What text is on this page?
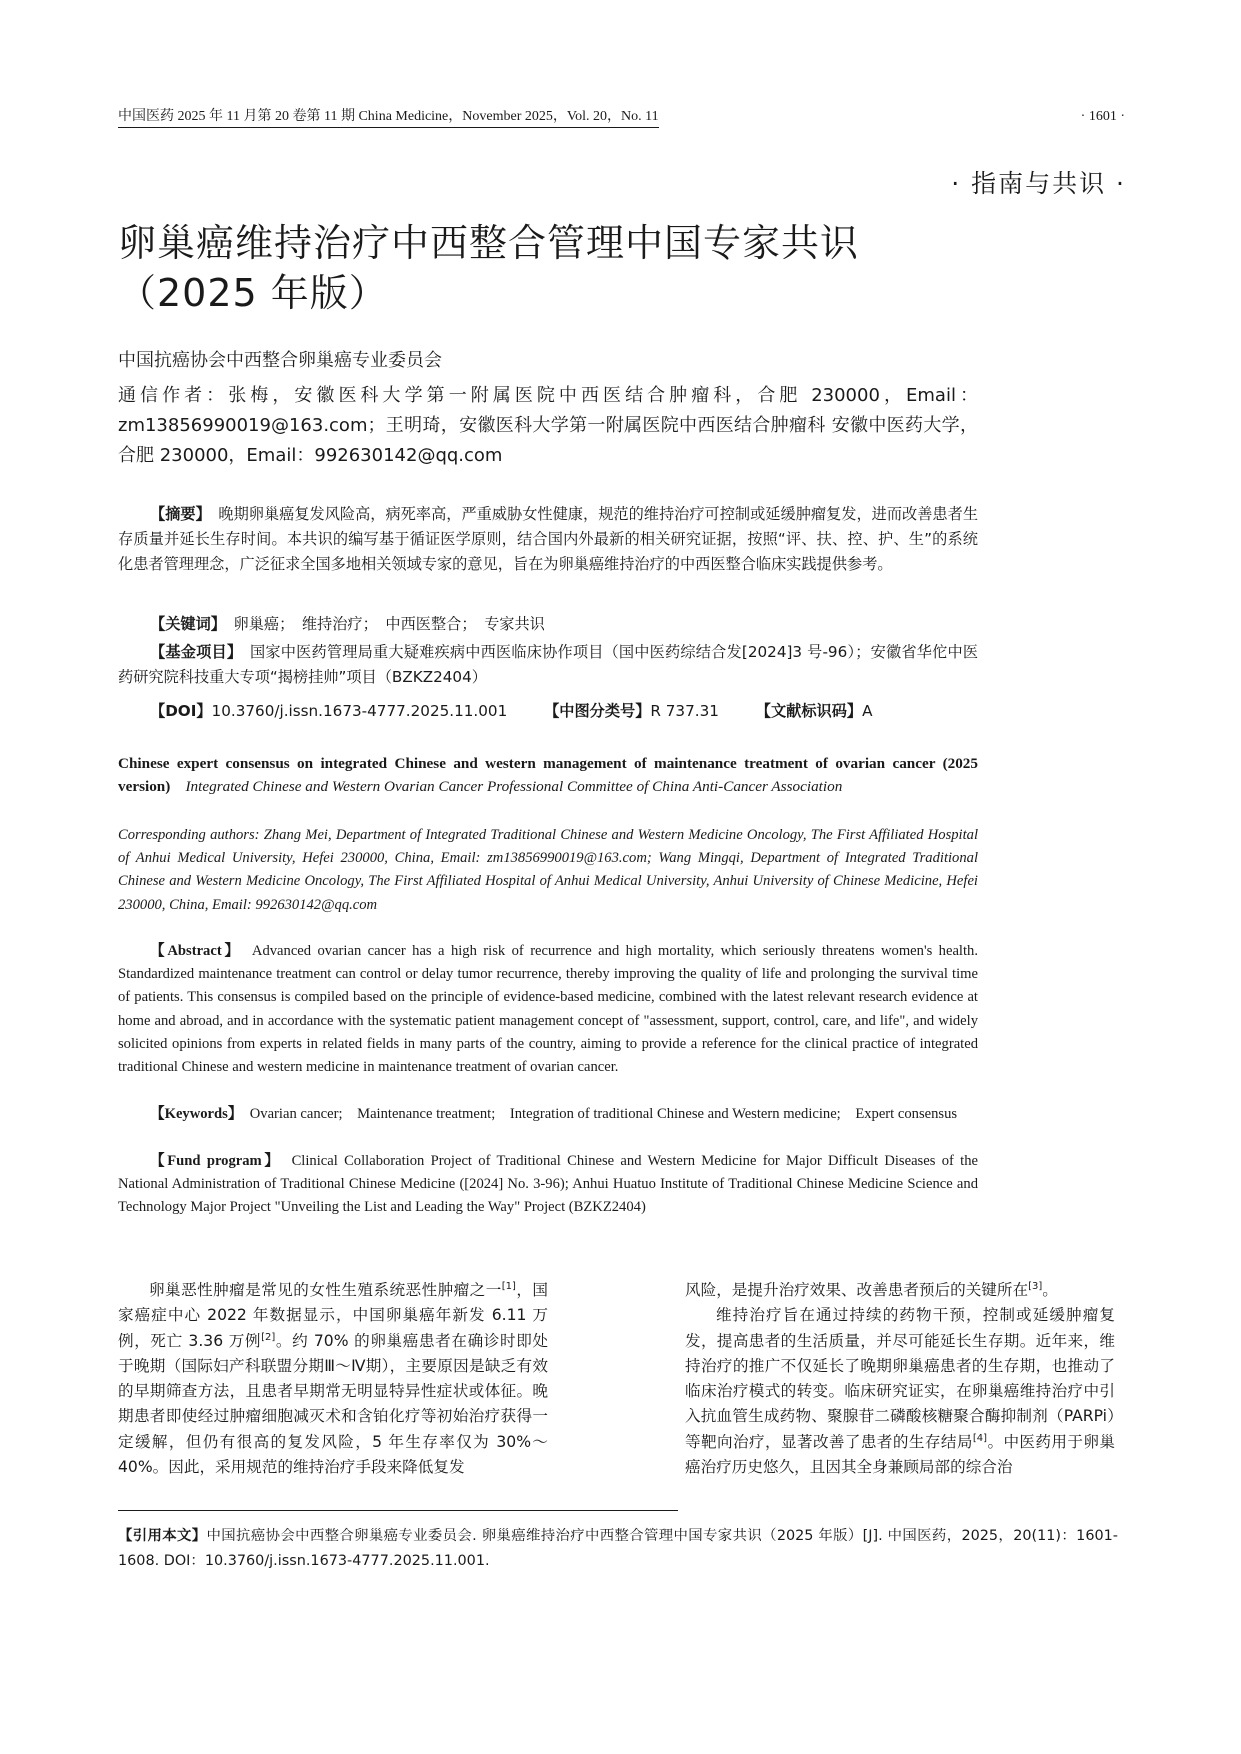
中国医药 2025 年 11 月第 20 卷第 11 期 China Medicine，November 2025，Vol. 20，No. 11	· 1601 ·
· 指南与共识 ·
卵巢癌维持治疗中西整合管理中国专家共识
（2025 年版）
中国抗癌协会中西整合卵巢癌专业委员会
通信作者：张梅，安徽医科大学第一附属医院中西医结合肿瘤科，合肥 230000，Email：zm13856990019@163.com；王明琦，安徽医科大学第一附属医院中西医结合肿瘤科 安徽中医药大学，合肥 230000，Email：992630142@qq.com
【摘要】　 晚期卵巢癌复发风险高，病死率高，严重威胁女性健康，规范的维持治疗可控制或延缓肿瘤复发，进而改善患者生存质量并延长生存时间。本共识的编写基于循证医学原则，结合国内外最新的相关研究证据，按照“评、扶、控、护、生”的系统化患者管理理念，广泛征求全国多地相关领域专家的意见，旨在为卵巢癌维持治疗的中西医整合临床实践提供参考。
【关键词】　 卵巢癌；　维持治疗；　中西医整合；　专家共识
【基金项目】　 国家中医药管理局重大疑难疾病中西医临床协作项目（国中医药综结合发[2024]3 号-96）；安徽省华佗中医药研究院科技重大专项“揭榜挂帅”项目（BZKZ2404）
【DOI】10.3760/j.issn.1673-4777.2025.11.001 【中图分类号】R 737.31 【文献标识码】A
Chinese expert consensus on integrated Chinese and western management of maintenance treatment of ovarian cancer (2025 version)　 Integrated Chinese and Western Ovarian Cancer Professional Committee of China Anti-Cancer Association
Corresponding authors: Zhang Mei, Department of Integrated Traditional Chinese and Western Medicine Oncology, The First Affiliated Hospital of Anhui Medical University, Hefei 230000, China, Email: zm13856990019@163.com; Wang Mingqi, Department of Integrated Traditional Chinese and Western Medicine Oncology, The First Affiliated Hospital of Anhui Medical University, Anhui University of Chinese Medicine, Hefei 230000, China, Email: 992630142@qq.com
【Abstract】　 Advanced ovarian cancer has a high risk of recurrence and high mortality, which seriously threatens women's health. Standardized maintenance treatment can control or delay tumor recurrence, thereby improving the quality of life and prolonging the survival time of patients. This consensus is compiled based on the principle of evidence-based medicine, combined with the latest relevant research evidence at home and abroad, and in accordance with the systematic patient management concept of "assessment, support, control, care, and life", and widely solicited opinions from experts in related fields in many parts of the country, aiming to provide a reference for the clinical practice of integrated traditional Chinese and western medicine in maintenance treatment of ovarian cancer.
【Keywords】　 Ovarian cancer;　Maintenance treatment;　Integration of traditional Chinese and Western medicine;　Expert consensus
【Fund program】　 Clinical Collaboration Project of Traditional Chinese and Western Medicine for Major Difficult Diseases of the National Administration of Traditional Chinese Medicine ([2024] No. 3-96); Anhui Huatuo Institute of Traditional Chinese Medicine Science and Technology Major Project "Unveiling the List and Leading the Way" Project (BZKZ2404)

卵巢恶性肿瘤是常见的女性生殖系统恶性肿瘤之一[1]，国家癌症中心 2022 年数据显示，中国卵巢癌年新发 6.11 万例，死亡 3.36 万例[2]。约 70% 的卵巢癌患者在确诊时即处于晚期（国际妇产科联盟分期Ⅲ～Ⅳ期），主要原因是缺乏有效的早期筛查方法，且患者早期常无明显特异性症状或体征。晚期患者即使经过肿瘤细胞减灭术和含铂化疗等初始治疗获得一定缓解，但仍有很高的复发风险，5 年生存率仅为 30%～40%。因此，采用规范的维持治疗手段来降低复发

风险，是提升治疗效果、改善患者预后的关键所在[3]。

维持治疗旨在通过持续的药物干预，控制或延缓肿瘤复发，提高患者的生活质量，并尽可能延长生存期。近年来，维持治疗的推广不仅延长了晚期卵巢癌患者的生存期，也推动了临床治疗模式的转变。临床研究证实，在卵巢癌维持治疗中引入抗血管生成药物、聚腺苷二磷酸核糖聚合酶抑制剂（PARPi）等靶向治疗，显著改善了患者的生存结局[4]。中医药用于卵巢癌治疗历史悠久，且因其全身兼顾局部的综合治

【引用本文】中国抗癌协会中西整合卵巢癌专业委员会. 卵巢癌维持治疗中西整合管理中国专家共识（2025 年版）[J]. 中国医药，2025，20(11)：1601-1608. DOI：10.3760/j.issn.1673-4777.2025.11.001.
